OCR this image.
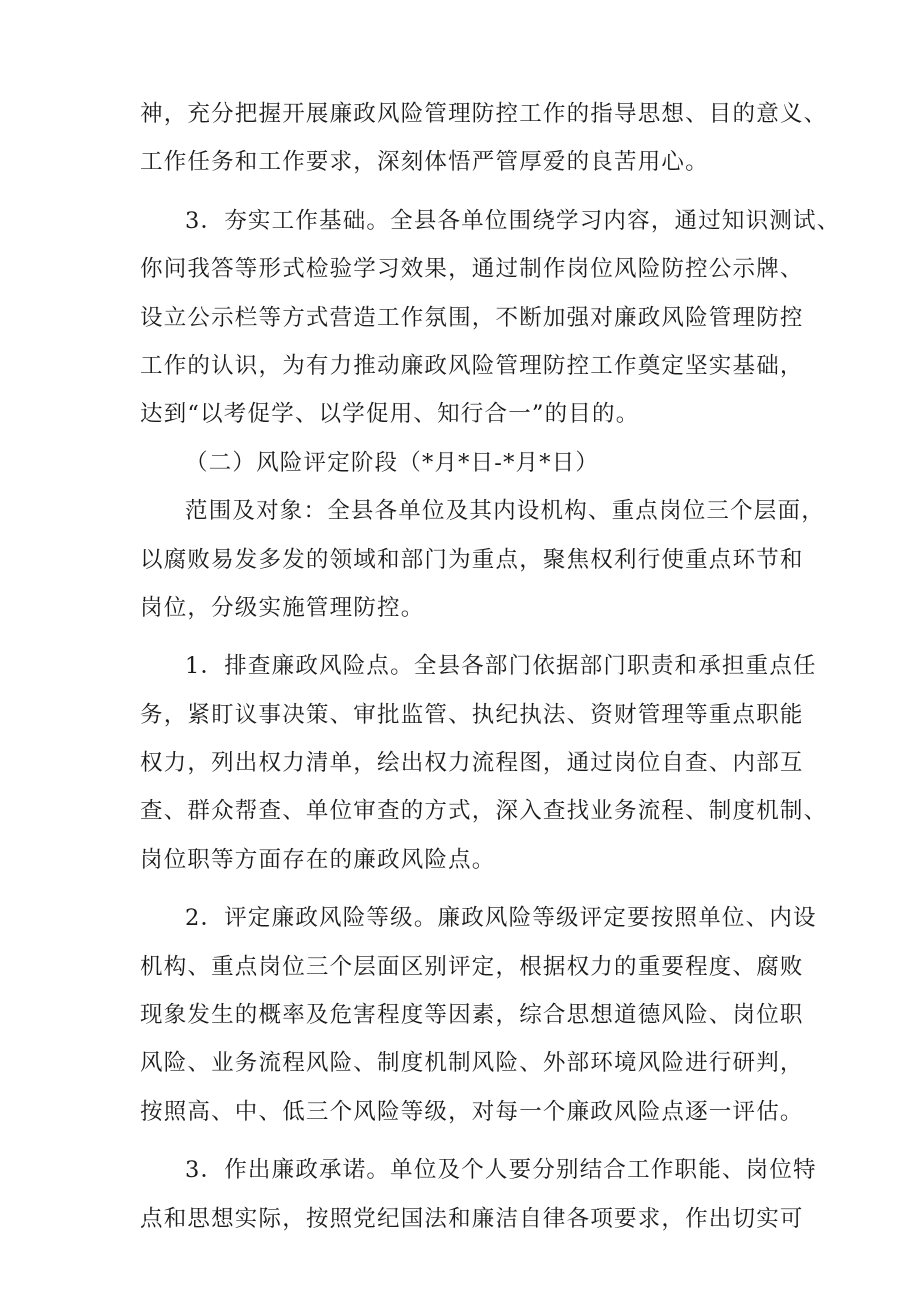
神，充分把握开展廉政风险管理防控工作的指导思想、目的意义、
工作任务和工作要求，深刻体悟严管厚爱的良苦用心。
3．夯实工作基础。全县各单位围绕学习内容，通过知识测试、
你问我答等形式检验学习效果，通过制作岗位风险防控公示牌、
设立公示栏等方式营造工作氛围，不断加强对廉政风险管理防控
工作的认识，为有力推动廉政风险管理防控工作奠定坚实基础，
达到“以考促学、以学促用、知行合一”的目的。
（二）风险评定阶段（*月*日-*月*日）
范围及对象：全县各单位及其内设机构、重点岗位三个层面，
以腐败易发多发的领域和部门为重点，聚焦权利行使重点环节和
岗位，分级实施管理防控。
1．排查廉政风险点。全县各部门依据部门职责和承担重点任
务，紧盯议事决策、审批监管、执纪执法、资财管理等重点职能
权力，列出权力清单，绘出权力流程图，通过岗位自查、内部互
查、群众帮查、单位审查的方式，深入查找业务流程、制度机制、
岗位职等方面存在的廉政风险点。
2．评定廉政风险等级。廉政风险等级评定要按照单位、内设
机构、重点岗位三个层面区别评定，根据权力的重要程度、腐败
现象发生的概率及危害程度等因素，综合思想道德风险、岗位职
风险、业务流程风险、制度机制风险、外部环境风险进行研判，
按照高、中、低三个风险等级，对每一个廉政风险点逐一评估。
3．作出廉政承诺。单位及个人要分别结合工作职能、岗位特
点和思想实际，按照党纪国法和廉洁自律各项要求，作出切实可
